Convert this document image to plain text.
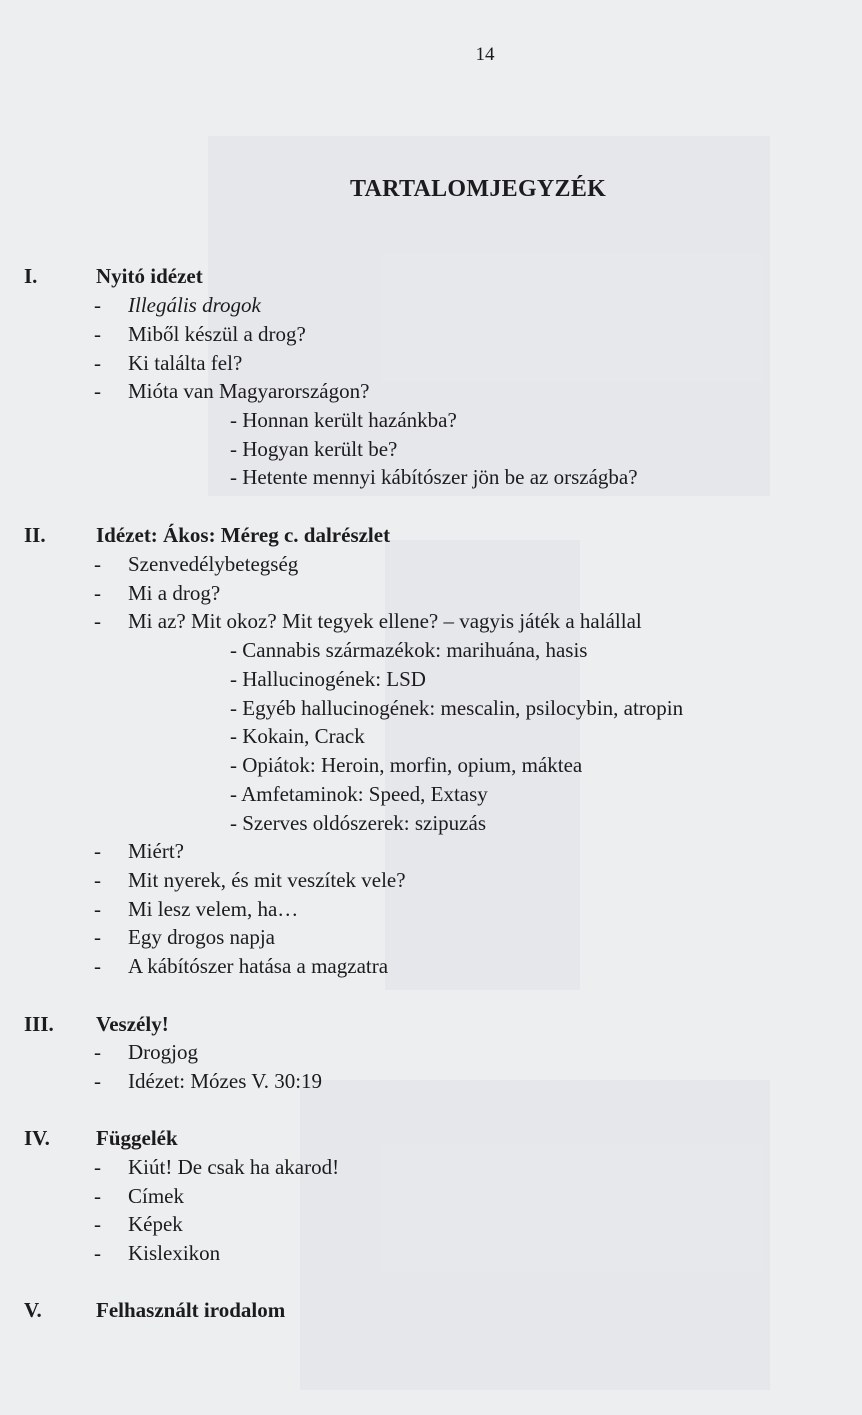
14
TARTALOMJEGYZÉK
I.	Nyitó idézet
- Illegális drogok
- Miből készül a drog?
- Ki találta fel?
- Mióta van Magyarországon?
- Honnan került hazánkba?
- Hogyan került be?
- Hetente mennyi kábítószer jön be az országba?
II. Idézet: Ákos: Méreg c. dalrészlet
- Szenvedélybetegség
- Mi a drog?
- Mi az? Mit okoz? Mit tegyek ellene? – vagyis játék a halállal
- Cannabis származékok: marihuána, hasis
- Hallucinogének: LSD
- Egyéb hallucinogének: mescalin, psilocybin, atropin
- Kokain, Crack
- Opiátok: Heroin, morfin, opium, máktea
- Amfetaminok: Speed, Extasy
- Szerves oldószerek: szipuzás
- Miért?
- Mit nyerek, és mit veszítek vele?
- Mi lesz velem, ha…
- Egy drogos napja
- A kábítószer hatása a magzatra
III. Veszély!
- Drogjog
- Idézet: Mózes V. 30:19
IV. Függelék
- Kiút! De csak ha akarod!
- Címek
- Képek
- Kislexikon
V.	Felhasznált irodalom
